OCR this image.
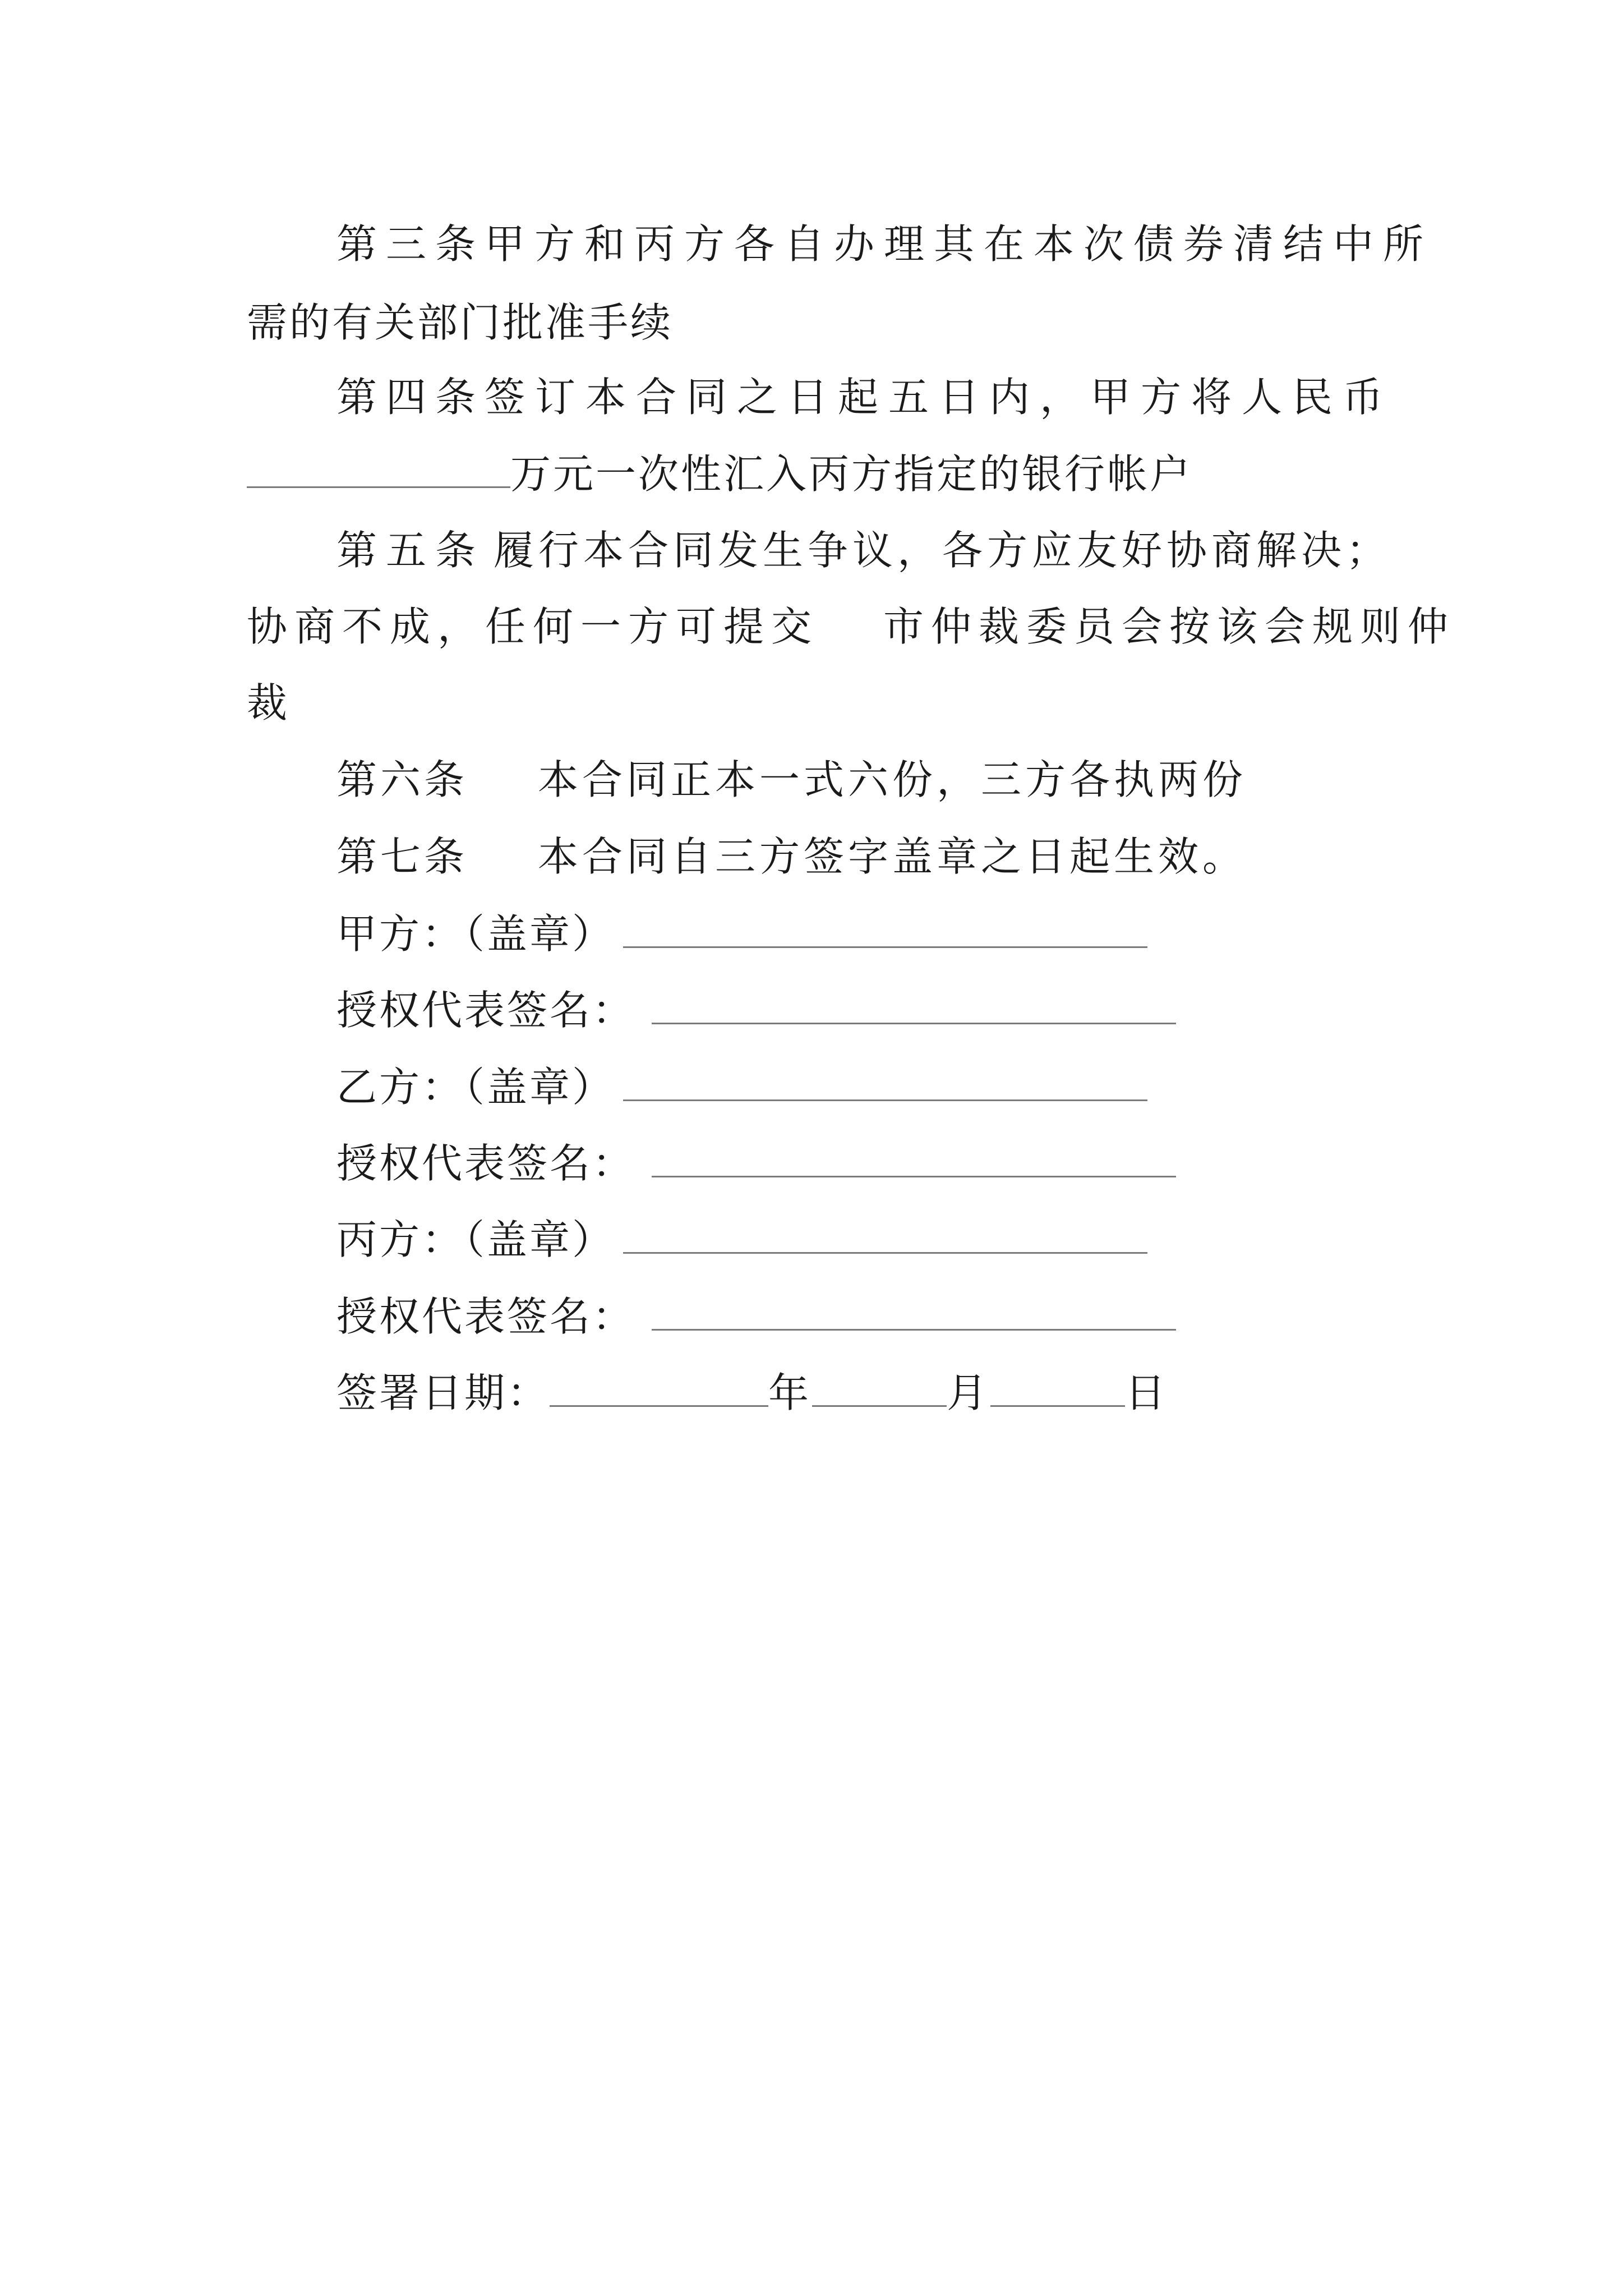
第三条 甲方和丙方各自办理其在本次债券清结中所
需的有关部门批准手续
第四条 签订本合同之日起五日内，甲方将人民币
万元一次性汇入丙方指定的银行帐户
第五条 履行本合同发生争议，各方应友好协商解决；
协商不成，任何一方可提交 市仲裁委员会按该会规则仲
裁
第六条 本合同正本一式六份，三方各执两份
第七条 本合同自三方签字盖章之日起生效。
甲方：（盖章）
授权代表签名：
乙方：（盖章）
授权代表签名：
丙方：（盖章）
授权代表签名：
签署日期：	年	月	日
